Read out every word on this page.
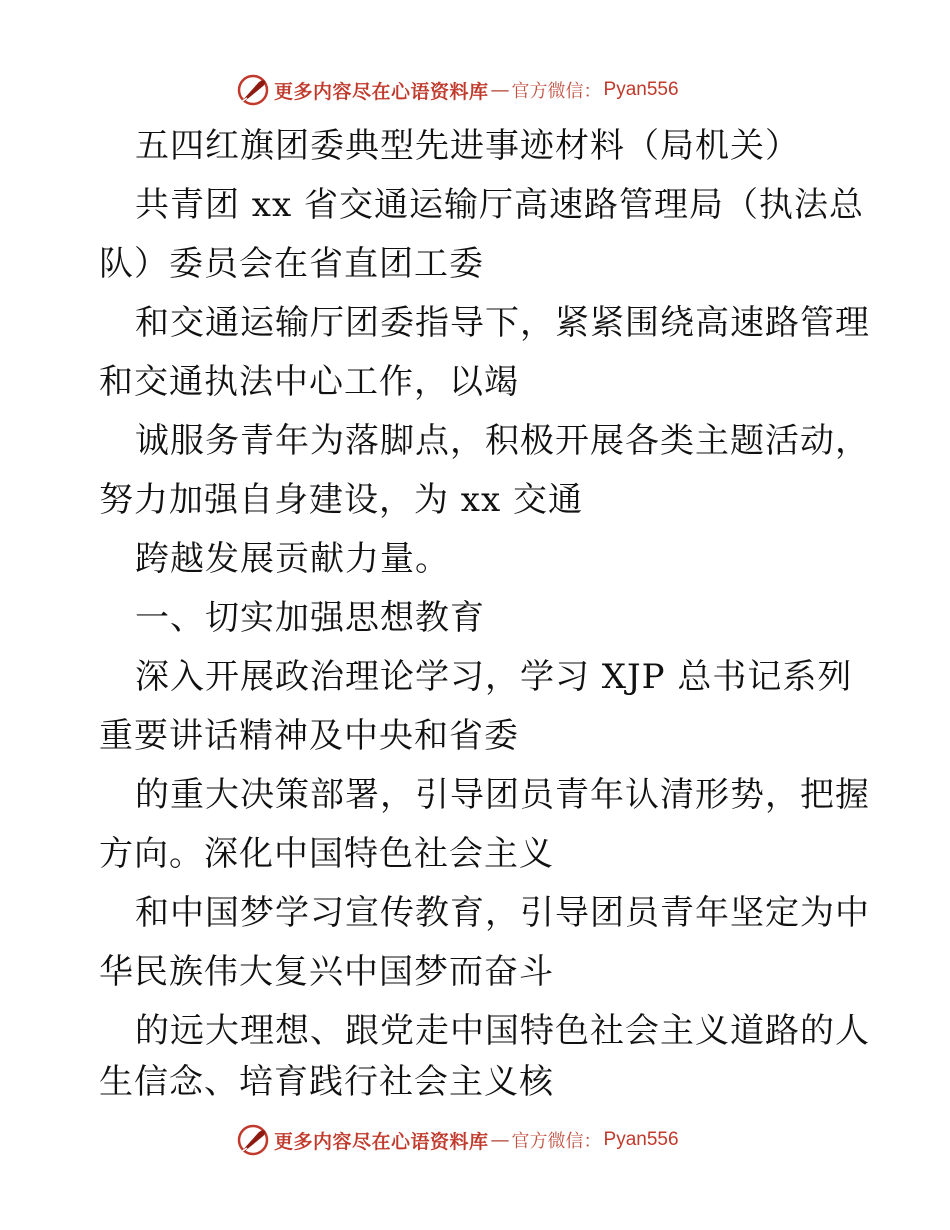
更多内容尽在心语资料库 — 官方微信： Pyan556
五四红旗团委典型先进事迹材料（局机关）
共青团 xx 省交通运输厅高速路管理局（执法总
队）委员会在省直团工委
和交通运输厅团委指导下，紧紧围绕高速路管理
和交通执法中心工作，以竭
诚服务青年为落脚点，积极开展各类主题活动，
努力加强自身建设，为 xx 交通
跨越发展贡献力量。
一、切实加强思想教育
深入开展政治理论学习，学习 XJP 总书记系列
重要讲话精神及中央和省委
的重大决策部署，引导团员青年认清形势，把握
方向。深化中国特色社会主义
和中国梦学习宣传教育，引导团员青年坚定为中
华民族伟大复兴中国梦而奋斗
的远大理想、跟党走中国特色社会主义道路的人
生信念、培育践行社会主义核
更多内容尽在心语资料库 — 官方微信： Pyan556
